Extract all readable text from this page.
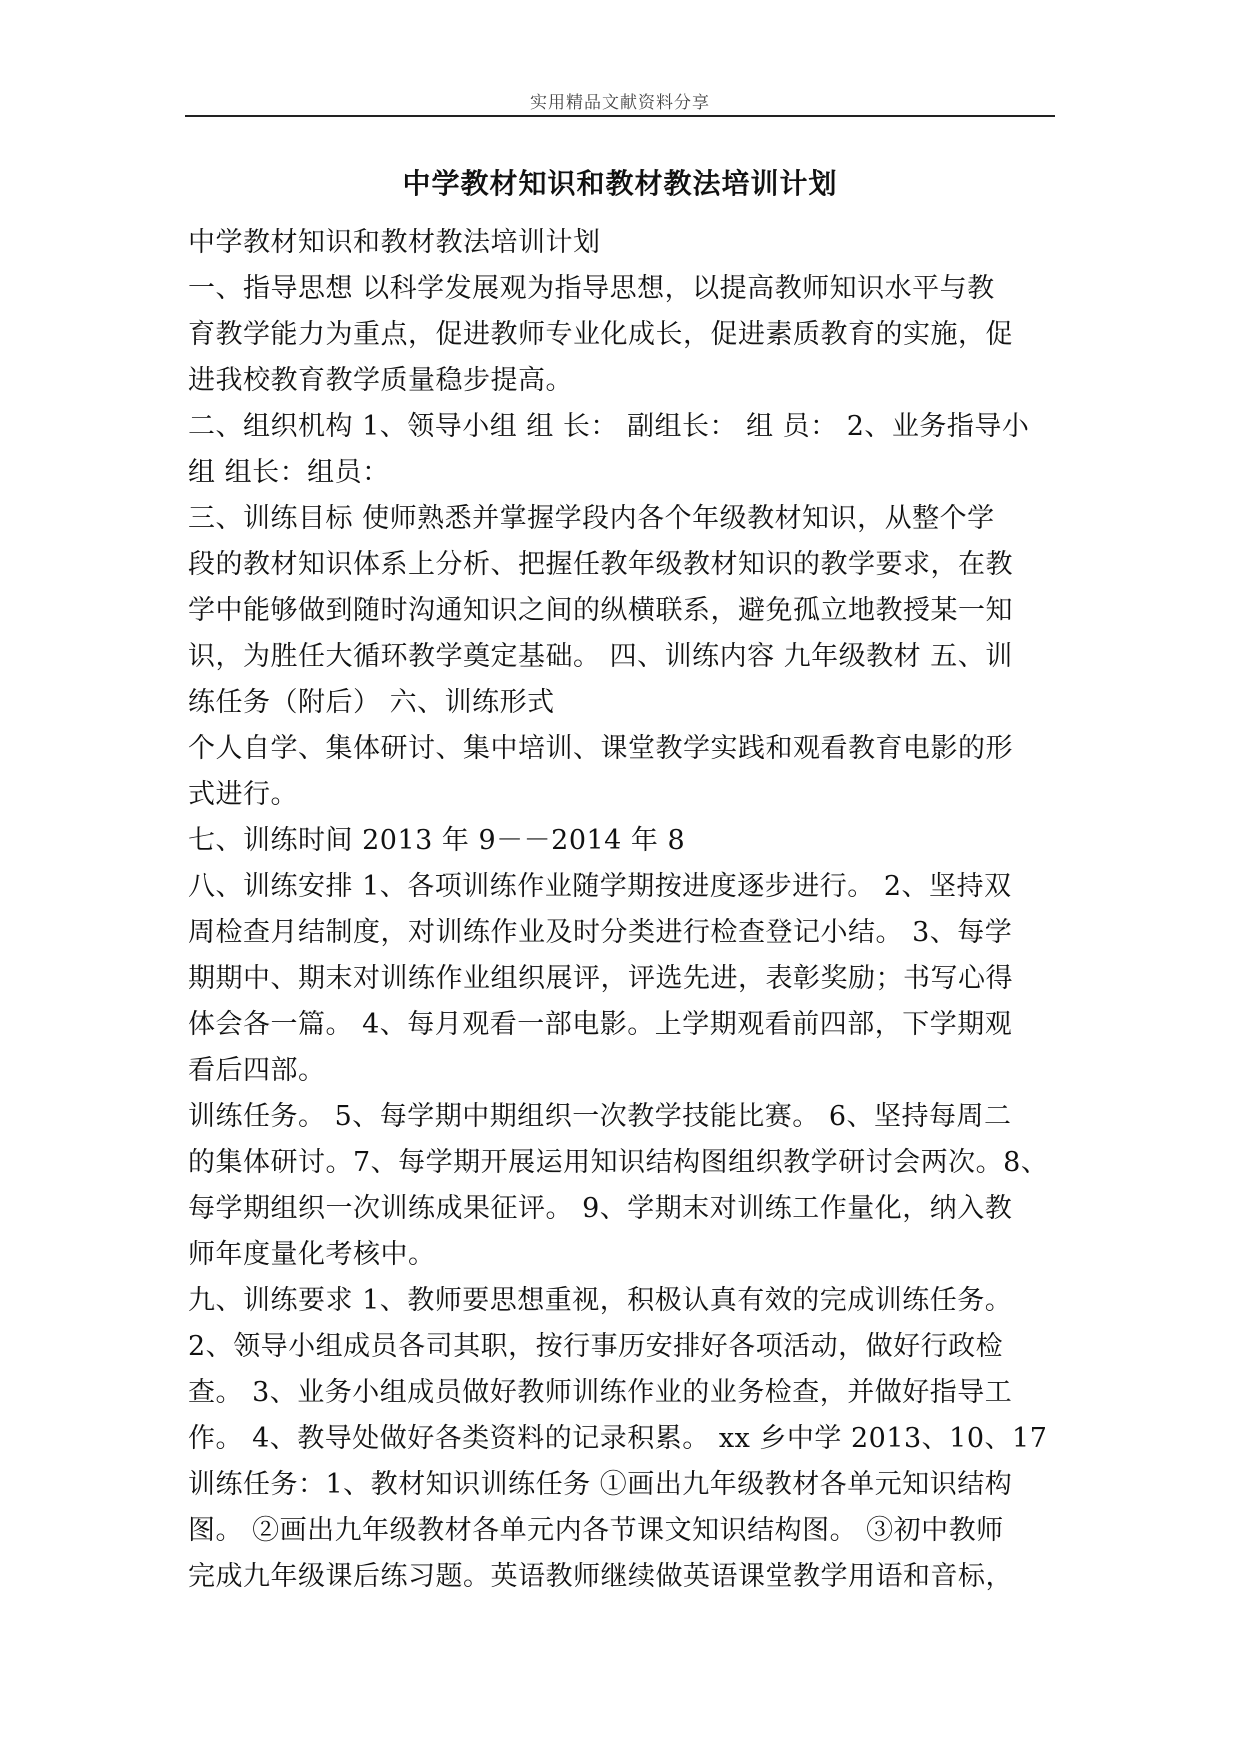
实用精品文献资料分享
中学教材知识和教材教法培训计划
中学教材知识和教材教法培训计划
一、指导思想 以科学发展观为指导思想，以提高教师知识水平与教
育教学能力为重点，促进教师专业化成长，促进素质教育的实施，促
进我校教育教学质量稳步提高。
二、组织机构 1、领导小组 组 长： 副组长： 组 员： 2、业务指导小
组 组长：组员：
三、训练目标 使师熟悉并掌握学段内各个年级教材知识，从整个学
段的教材知识体系上分析、把握任教年级教材知识的教学要求，在教
学中能够做到随时沟通知识之间的纵横联系，避免孤立地教授某一知
识，为胜任大循环教学奠定基础。 四、训练内容 九年级教材 五、训
练任务（附后） 六、训练形式
个人自学、集体研讨、集中培训、课堂教学实践和观看教育电影的形
式进行。
七、训练时间 2013 年 9－－2014 年 8
八、训练安排 1、各项训练作业随学期按进度逐步进行。 2、坚持双
周检查月结制度，对训练作业及时分类进行检查登记小结。 3、每学
期期中、期末对训练作业组织展评，评选先进，表彰奖励；书写心得
体会各一篇。 4、每月观看一部电影。上学期观看前四部，下学期观
看后四部。
训练任务。 5、每学期中期组织一次教学技能比赛。 6、坚持每周二
的集体研讨。7、每学期开展运用知识结构图组织教学研讨会两次。8、
每学期组织一次训练成果征评。 9、学期末对训练工作量化，纳入教
师年度量化考核中。
九、训练要求 1、教师要思想重视，积极认真有效的完成训练任务。
2、领导小组成员各司其职，按行事历安排好各项活动，做好行政检
查。 3、业务小组成员做好教师训练作业的业务检查，并做好指导工
作。 4、教导处做好各类资料的记录积累。 xx 乡中学 2013、10、17
训练任务：1、教材知识训练任务 ①画出九年级教材各单元知识结构
图。 ②画出九年级教材各单元内各节课文知识结构图。 ③初中教师
完成九年级课后练习题。英语教师继续做英语课堂教学用语和音标，
